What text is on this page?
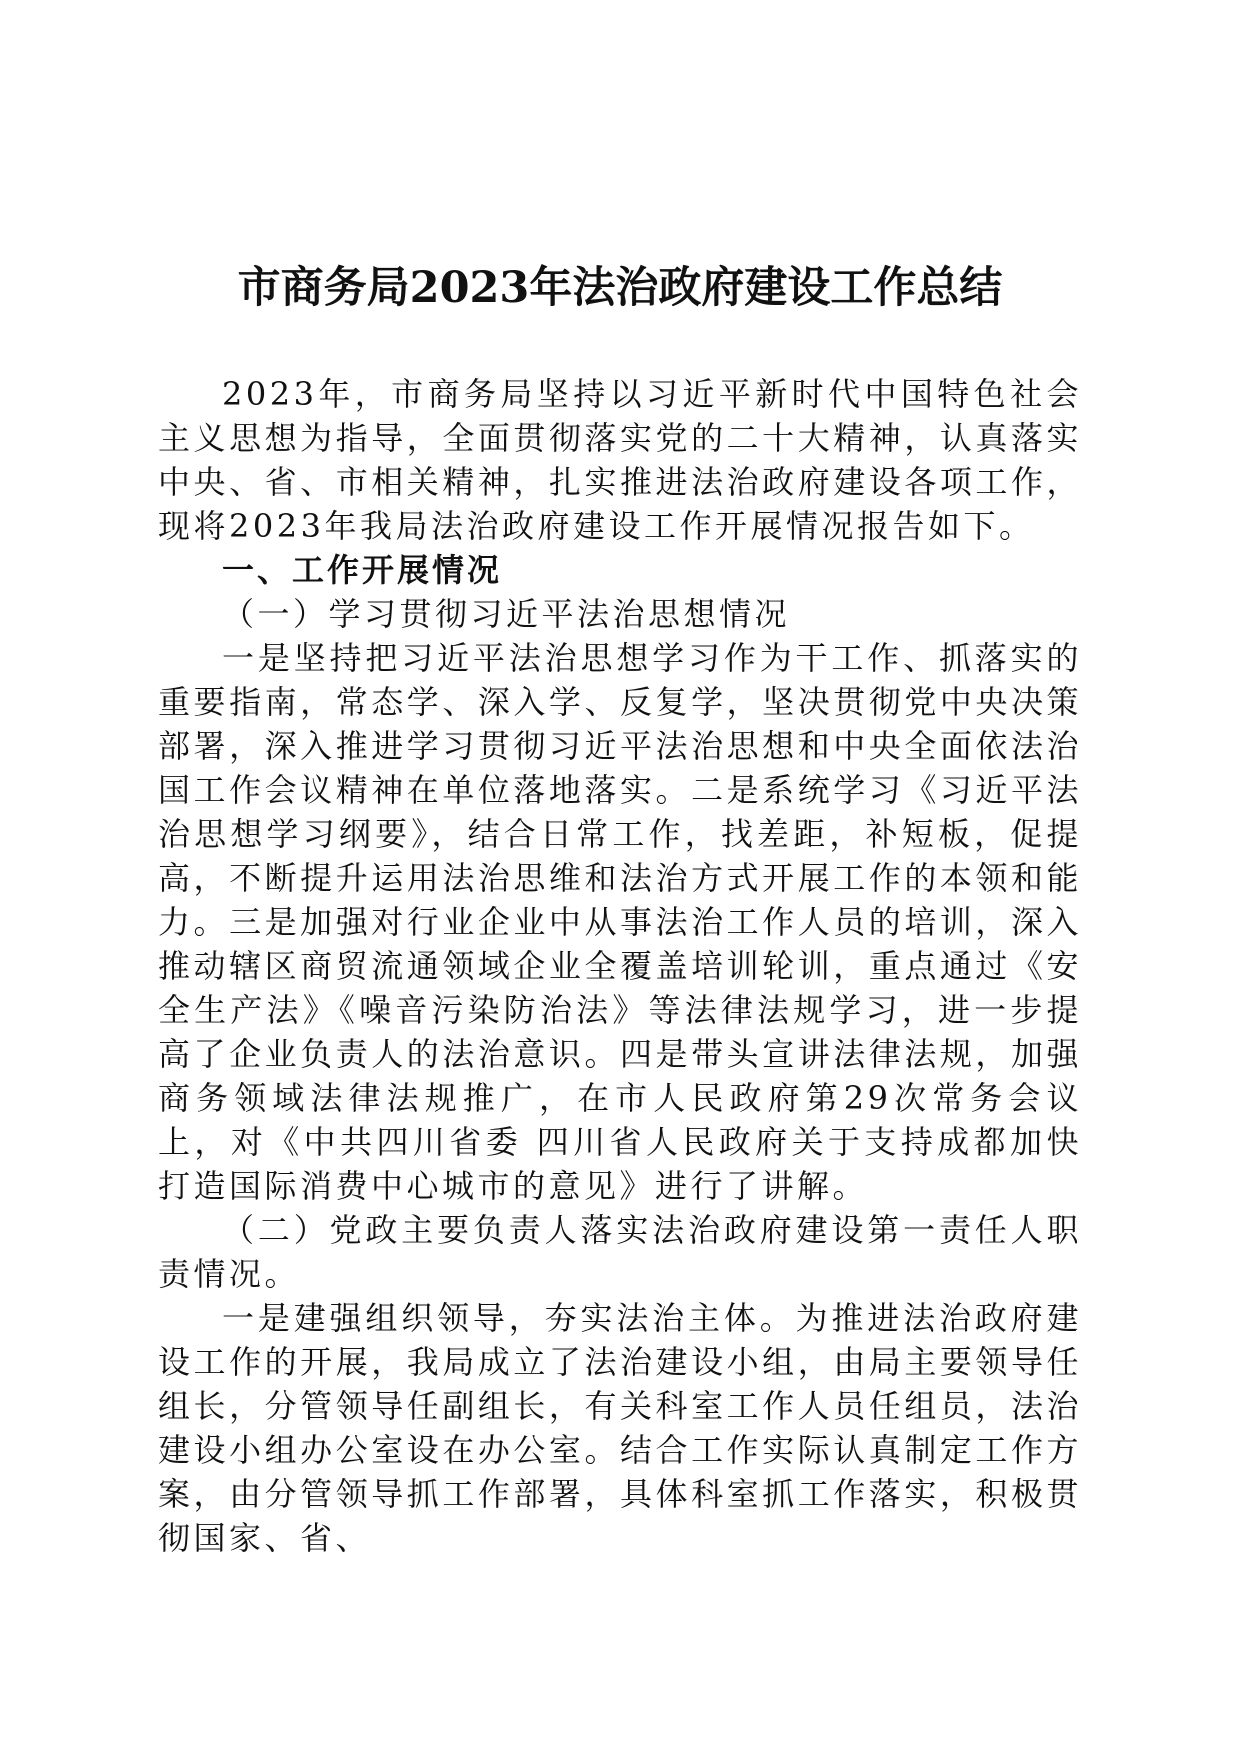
市商务局2023年法治政府建设工作总结

2023年，市商务局坚持以习近平新时代中国特色社会主义思想为指导，全面贯彻落实党的二十大精神，认真落实中央、省、市相关精神，扎实推进法治政府建设各项工作，现将2023年我局法治政府建设工作开展情况报告如下。

一、工作开展情况

（一）学习贯彻习近平法治思想情况

一是坚持把习近平法治思想学习作为干工作、抓落实的重要指南，常态学、深入学、反复学，坚决贯彻党中央决策部署，深入推进学习贯彻习近平法治思想和中央全面依法治国工作会议精神在单位落地落实。二是系统学习《习近平法治思想学习纲要》，结合日常工作，找差距，补短板，促提高，不断提升运用法治思维和法治方式开展工作的本领和能力。三是加强对行业企业中从事法治工作人员的培训，深入推动辖区商贸流通领域企业全覆盖培训轮训，重点通过《安全生产法》《噪音污染防治法》等法律法规学习，进一步提高了企业负责人的法治意识。四是带头宣讲法律法规，加强商务领域法律法规推广，在市人民政府第29次常务会议上，对《中共四川省委 四川省人民政府关于支持成都加快打造国际消费中心城市的意见》进行了讲解。

（二）党政主要负责人落实法治政府建设第一责任人职责情况。

一是建强组织领导，夯实法治主体。为推进法治政府建设工作的开展，我局成立了法治建设小组，由局主要领导任组长，分管领导任副组长，有关科室工作人员任组员，法治建设小组办公室设在办公室。结合工作实际认真制定工作方案，由分管领导抓工作部署，具体科室抓工作落实，积极贯彻国家、省、
